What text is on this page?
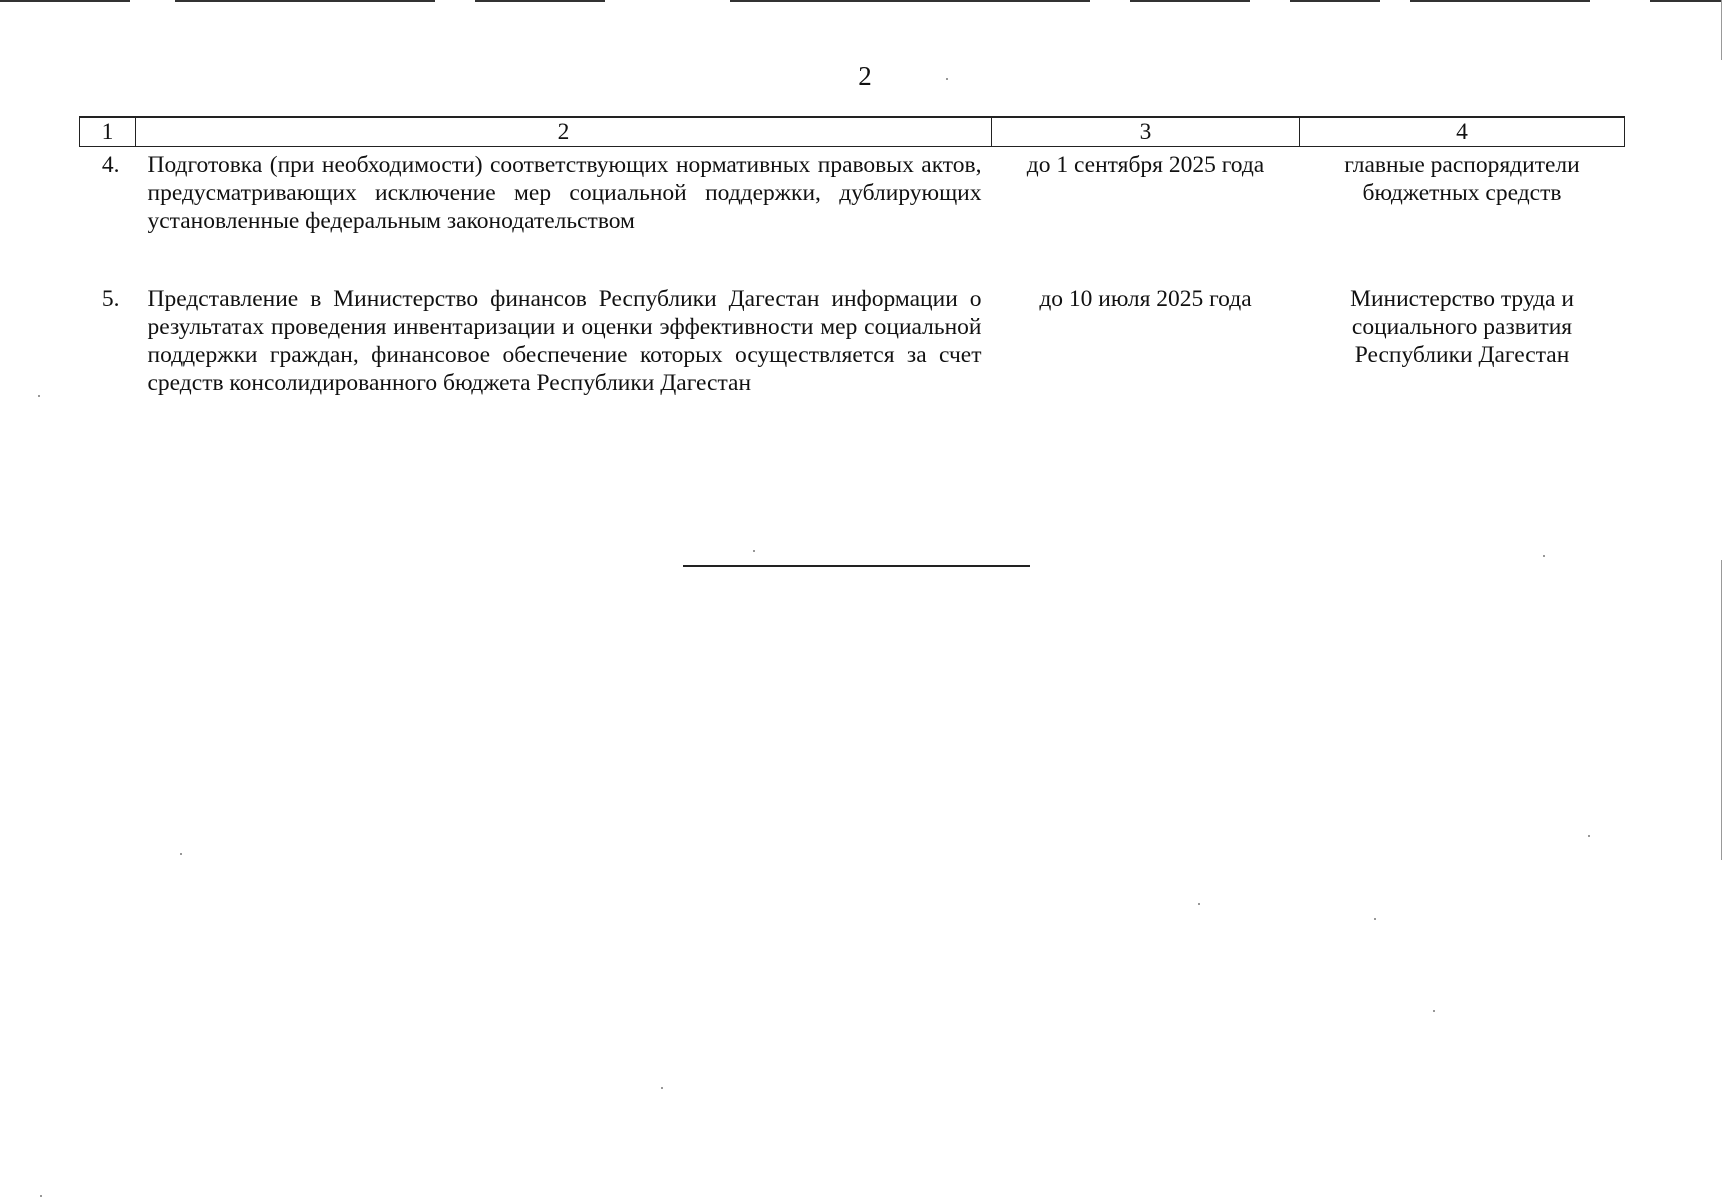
2
1	2	3	4
4.	Подготовка (при необходимости) соответствующих нормативных правовых актов, предусматривающих исключение мер социальной поддержки, дублирующих установленные федеральным законодательством	до 1 сентября 2025 года	главные распорядители бюджетных средств
5.	Представление в Министерство финансов Республики Дагестан информации о результатах проведения инвентаризации и оценки эффективности мер социальной поддержки граждан, финансовое обеспечение которых осуществляется за счет средств консолидированного бюджета Республики Дагестан	до 10 июля 2025 года	Министерство труда и социального развития Республики Дагестан
